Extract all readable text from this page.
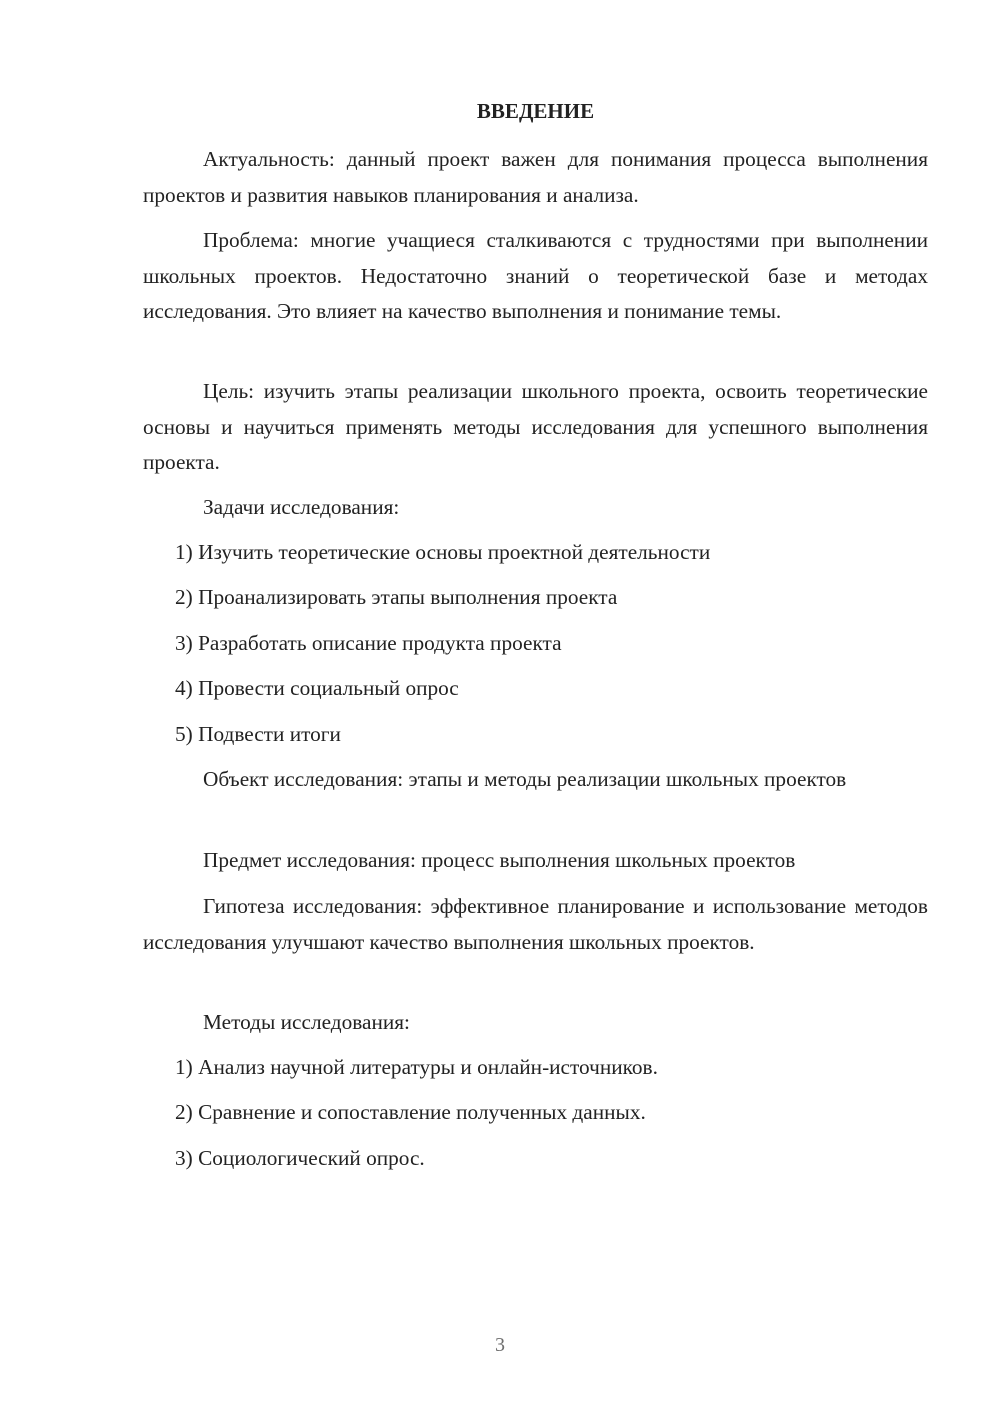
ВВЕДЕНИЕ

Актуальность: данный проект важен для понимания процесса выполнения проектов и развития навыков планирования и анализа.

Проблема: многие учащиеся сталкиваются с трудностями при выполнении школьных проектов. Недостаточно знаний о теоретической базе и методах исследования. Это влияет на качество выполнения и понимание темы.

Цель: изучить этапы реализации школьного проекта, освоить теоретические основы и научиться применять методы исследования для успешного выполнения проекта.

Задачи исследования:

1) Изучить теоретические основы проектной деятельности

2) Проанализировать этапы выполнения проекта

3) Разработать описание продукта проекта

4) Провести социальный опрос

5) Подвести итоги

Объект исследования: этапы и методы реализации школьных проектов

Предмет исследования: процесс выполнения школьных проектов

Гипотеза исследования: эффективное планирование и использование методов исследования улучшают качество выполнения школьных проектов.

Методы исследования:

1) Анализ научной литературы и онлайн-источников.

2) Сравнение и сопоставление полученных данных.

3) Социологический опрос.

3
